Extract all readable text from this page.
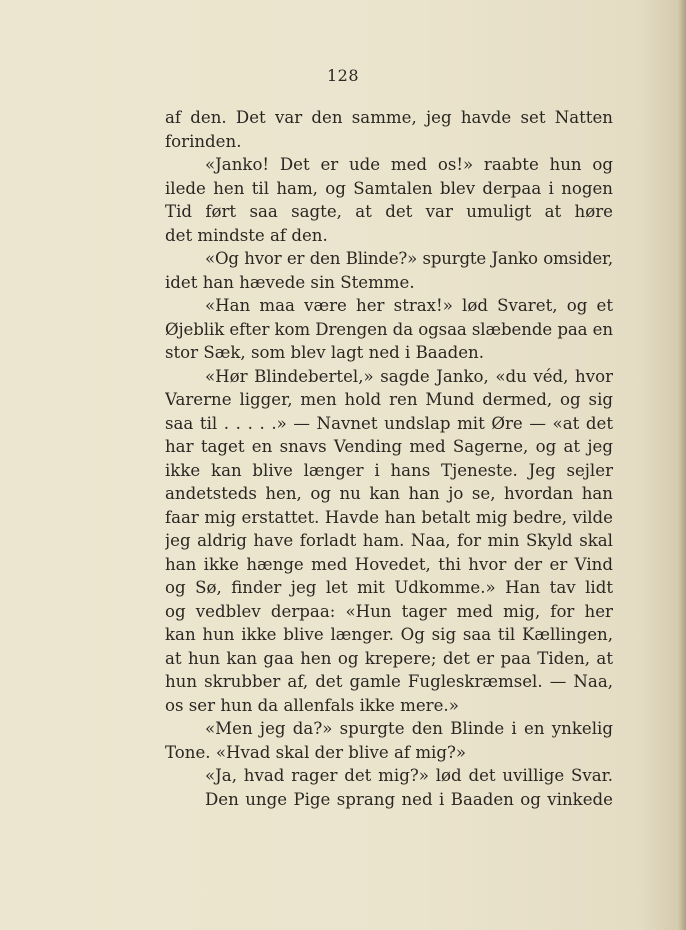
128
af den. Det var den samme, jeg havde set Natten
forinden.
«Janko! Det er ude med os!» raabte hun og
ilede hen til ham, og Samtalen blev derpaa i nogen
Tid ført saa sagte, at det var umuligt at høre
det mindste af den.
«Og hvor er den Blinde?» spurgte Janko omsider,
idet han hævede sin Stemme.
«Han maa være her strax!» lød Svaret, og et
Øjeblik efter kom Drengen da ogsaa slæbende paa en
stor Sæk, som blev lagt ned i Baaden.
«Hør Blindebertel,» sagde Janko, «du véd, hvor
Varerne ligger, men hold ren Mund dermed, og sig
saa til . . . . .» — Navnet undslap mit Øre — «at det
har taget en snavs Vending med Sagerne, og at jeg
ikke kan blive længer i hans Tjeneste. Jeg sejler
andetsteds hen, og nu kan han jo se, hvordan han
faar mig erstattet. Havde han betalt mig bedre, vilde
jeg aldrig have forladt ham. Naa, for min Skyld skal
han ikke hænge med Hovedet, thi hvor der er Vind
og Sø, finder jeg let mit Udkomme.» Han tav lidt
og vedblev derpaa: «Hun tager med mig, for her
kan hun ikke blive længer. Og sig saa til Kællingen,
at hun kan gaa hen og krepere; det er paa Tiden, at
hun skrubber af, det gamle Fugleskræmsel. — Naa,
os ser hun da allenfals ikke mere.»
«Men jeg da?» spurgte den Blinde i en ynkelig
Tone. «Hvad skal der blive af mig?»
«Ja, hvad rager det mig?» lød det uvillige Svar.
Den unge Pige sprang ned i Baaden og vinkede
